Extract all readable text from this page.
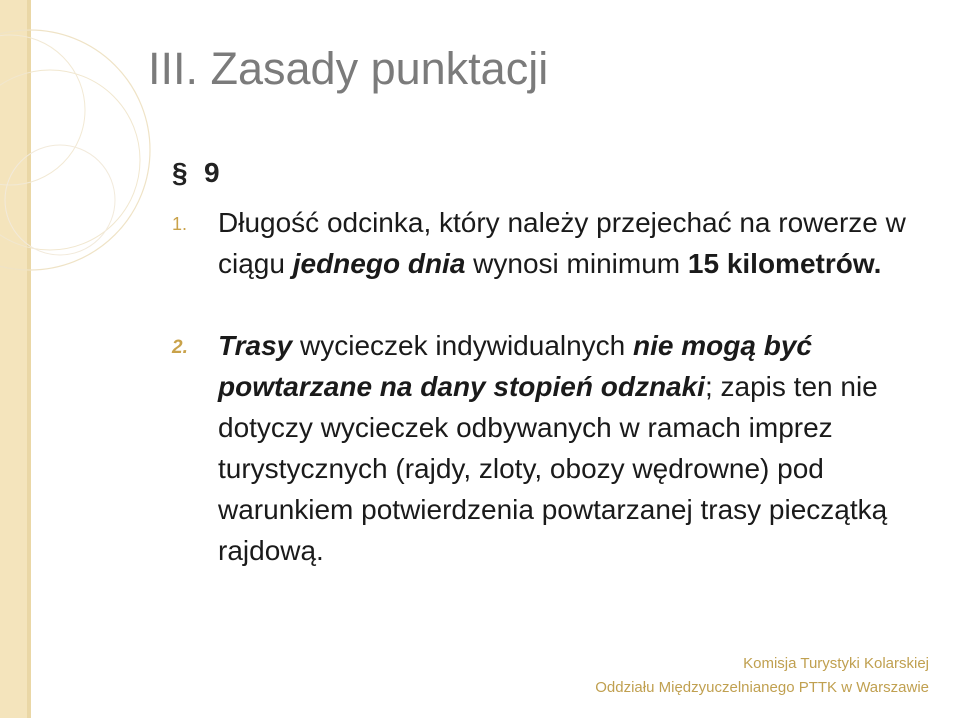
III. Zasady punktacji
§ 9
1. Długość odcinka, który należy przejechać na rowerze w ciągu jednego dnia wynosi minimum 15 kilometrów.
2. Trasy wycieczek indywidualnych nie mogą być powtarzane na dany stopień odznaki; zapis ten nie dotyczy wycieczek odbywanych w ramach imprez turystycznych (rajdy, zloty, obozy wędrowne) pod warunkiem potwierdzenia powtarzanej trasy pieczątką rajdową.
Komisja Turystyki Kolarskiej
Oddziału Międzyuczelnianego PTTK w Warszawie
